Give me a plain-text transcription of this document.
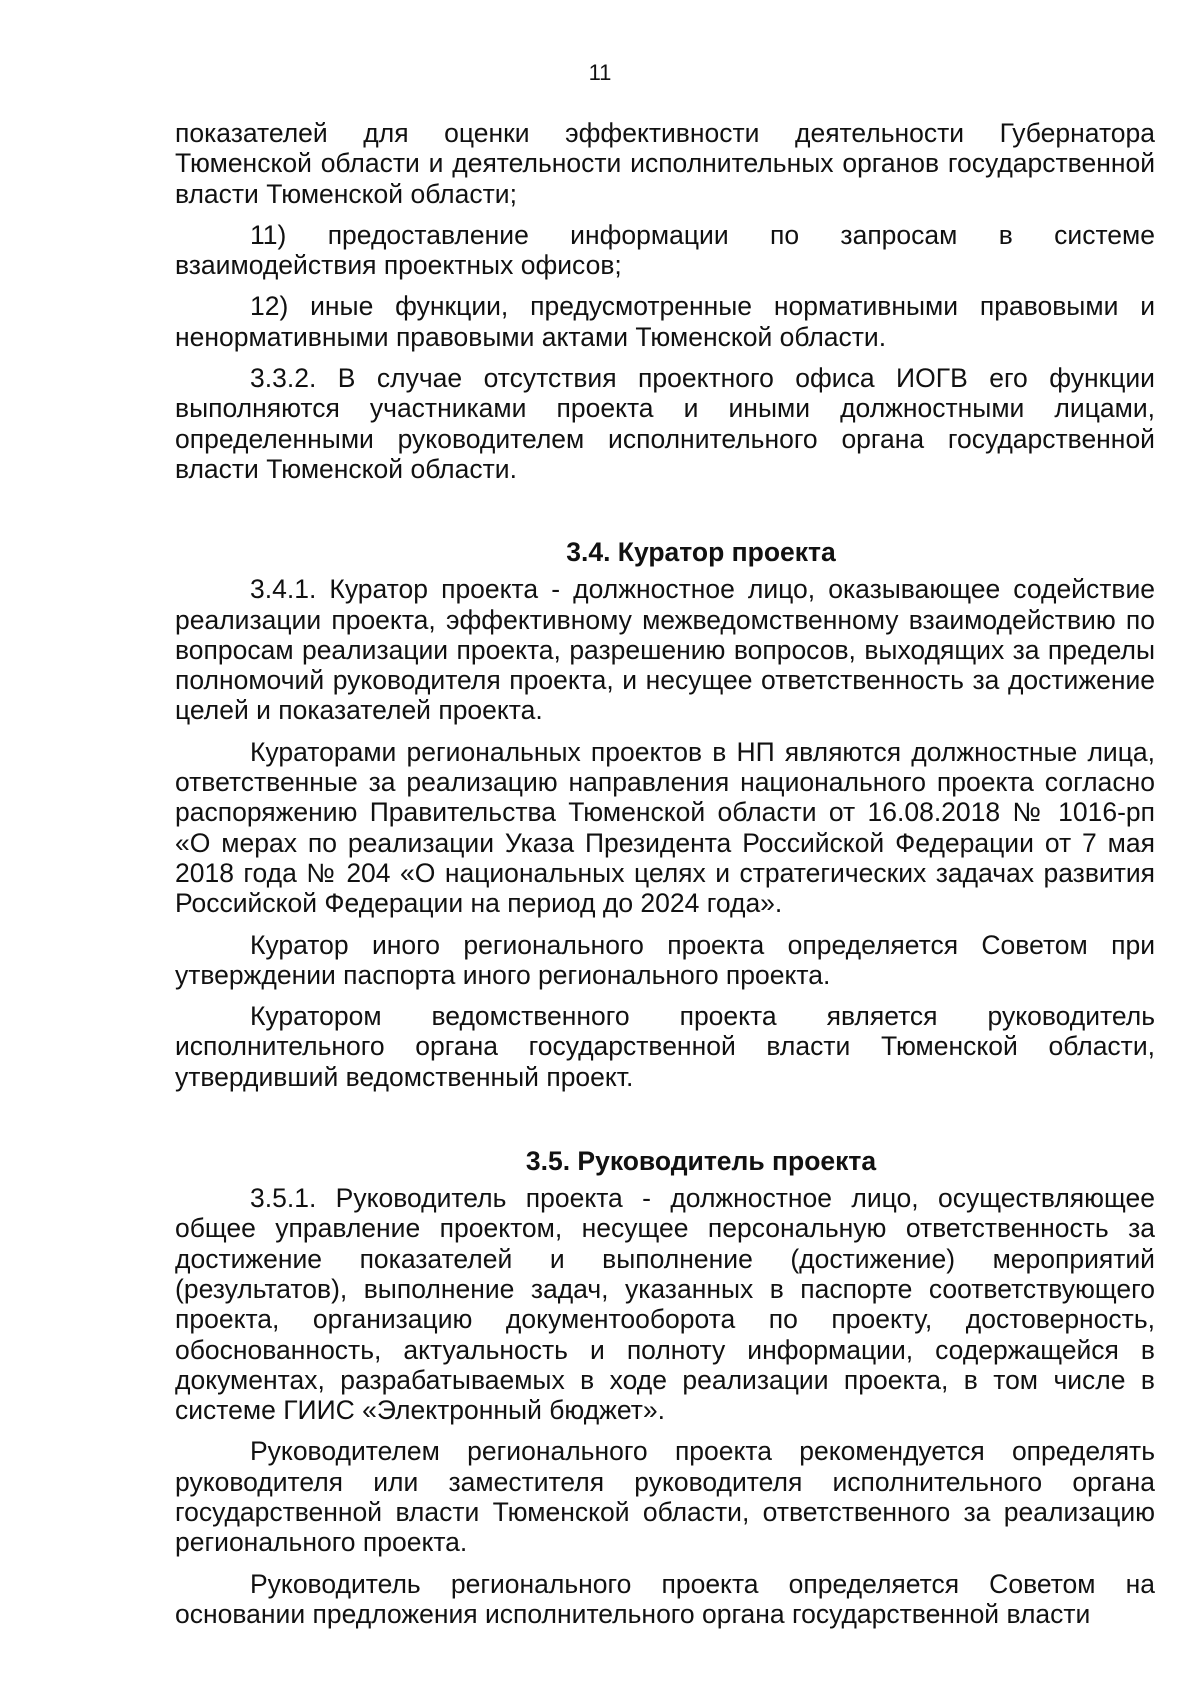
11

показателей для оценки эффективности деятельности Губернатора Тюменской области и деятельности исполнительных органов государственной власти Тюменской области;

11) предоставление информации по запросам в системе взаимодействия проектных офисов;

12) иные функции, предусмотренные нормативными правовыми и ненормативными правовыми актами Тюменской области.

3.3.2. В случае отсутствия проектного офиса ИОГВ его функции выполняются участниками проекта и иными должностными лицами, определенными руководителем исполнительного органа государственной власти Тюменской области.

3.4. Куратор проекта

3.4.1. Куратор проекта - должностное лицо, оказывающее содействие реализации проекта, эффективному межведомственному взаимодействию по вопросам реализации проекта, разрешению вопросов, выходящих за пределы полномочий руководителя проекта, и несущее ответственность за достижение целей и показателей проекта.

Кураторами региональных проектов в НП являются должностные лица, ответственные за реализацию направления национального проекта согласно распоряжению Правительства Тюменской области от 16.08.2018 № 1016-рп «О мерах по реализации Указа Президента Российской Федерации от 7 мая 2018 года № 204 «О национальных целях и стратегических задачах развития Российской Федерации на период до 2024 года».

Куратор иного регионального проекта определяется Советом при утверждении паспорта иного регионального проекта.

Куратором ведомственного проекта является руководитель исполнительного органа государственной власти Тюменской области, утвердивший ведомственный проект.

3.5. Руководитель проекта

3.5.1. Руководитель проекта - должностное лицо, осуществляющее общее управление проектом, несущее персональную ответственность за достижение показателей и выполнение (достижение) мероприятий (результатов), выполнение задач, указанных в паспорте соответствующего проекта, организацию документооборота по проекту, достоверность, обоснованность, актуальность и полноту информации, содержащейся в документах, разрабатываемых в ходе реализации проекта, в том числе в системе ГИИС «Электронный бюджет».

Руководителем регионального проекта рекомендуется определять руководителя или заместителя руководителя исполнительного органа государственной власти Тюменской области, ответственного за реализацию регионального проекта.

Руководитель регионального проекта определяется Советом на основании предложения исполнительного органа государственной власти
